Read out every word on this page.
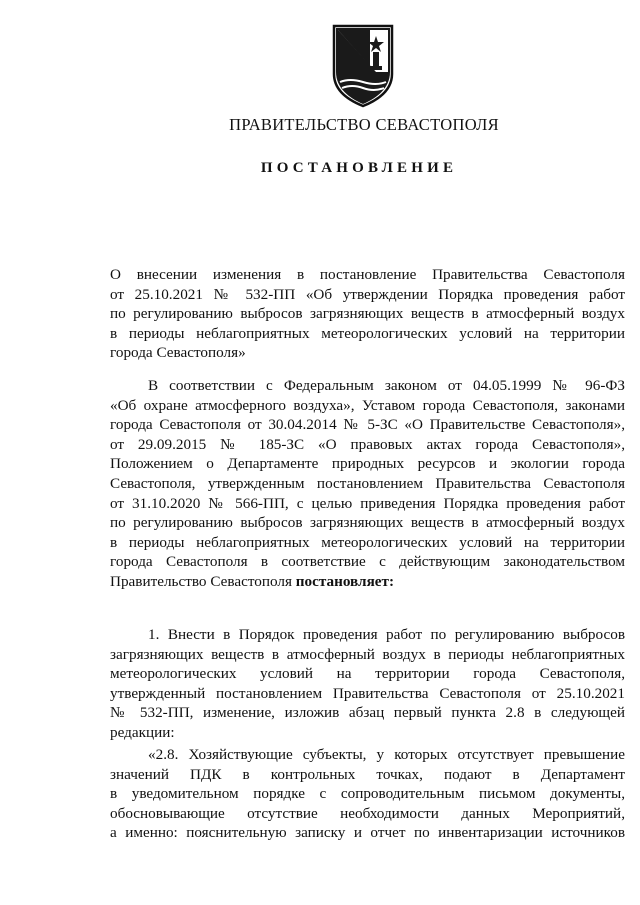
ПРАВИТЕЛЬСТВО СЕВАСТОПОЛЯ
ПОСТАНОВЛЕНИЕ
О внесении изменения в постановление Правительства Севастополя
от 25.10.2021 № 532-ПП «Об утверждении Порядка проведения работ
по регулированию выбросов загрязняющих веществ в атмосферный воздух
в периоды неблагоприятных метеорологических условий на территории
города Севастополя»
В соответствии с Федеральным законом от 04.05.1999 № 96-ФЗ
«Об охране атмосферного воздуха», Уставом города Севастополя, законами
города Севастополя от 30.04.2014 № 5-ЗС «О Правительстве Севастополя»,
от 29.09.2015 № 185-ЗС «О правовых актах города Севастополя»,
Положением о Департаменте природных ресурсов и экологии города
Севастополя, утвержденным постановлением Правительства Севастополя
от 31.10.2020 № 566-ПП, с целью приведения Порядка проведения работ
по регулированию выбросов загрязняющих веществ в атмосферный воздух
в периоды неблагоприятных метеорологических условий на территории
города Севастополя в соответствие с действующим законодательством
Правительство Севастополя постановляет:
1. Внести в Порядок проведения работ по регулированию выбросов
загрязняющих веществ в атмосферный воздух в периоды неблагоприятных
метеорологических условий на территории города Севастополя,
утвержденный постановлением Правительства Севастополя от 25.10.2021
№ 532-ПП, изменение, изложив абзац первый пункта 2.8 в следующей
редакции:
«2.8. Хозяйствующие субъекты, у которых отсутствует превышение
значений ПДК в контрольных точках, подают в Департамент
в уведомительном порядке с сопроводительным письмом документы,
обосновывающие отсутствие необходимости данных Мероприятий,
а именно: пояснительную записку и отчет по инвентаризации источников
